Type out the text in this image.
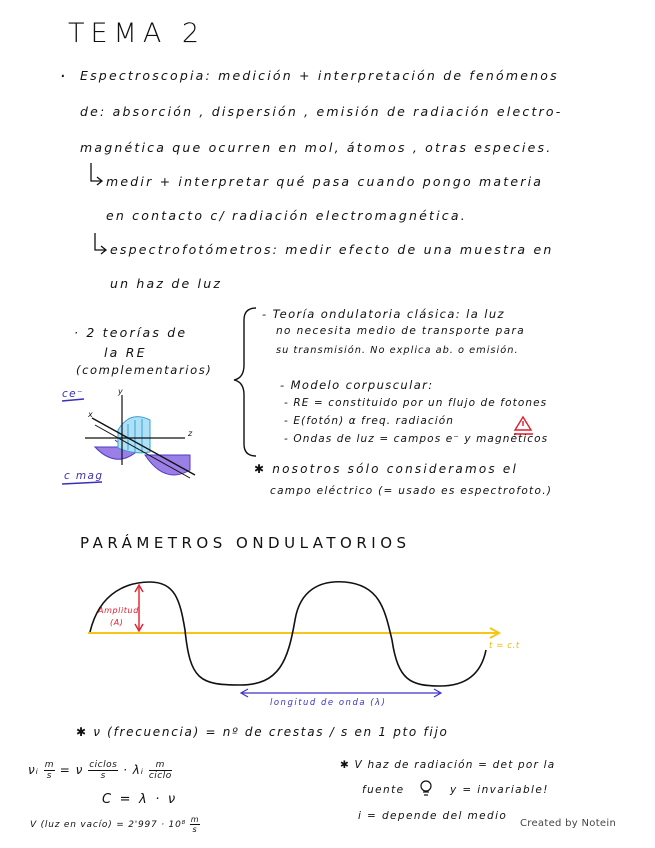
TEMA 2
· Espectroscopia: medición + interpretación de fenómenos
de: absorción , dispersión , emisión de radiación electro-
magnética que ocurren en mol, átomos , otras especies.
medir + interpretar qué pasa cuando pongo materia
en contacto c/ radiación electromagnética.
espectrofotómetros: medir efecto de una muestra en
un haz de luz
· 2 teorías de
la RE
(complementarios)
- Teoría ondulatoria clásica: la luz
no necesita medio de transporte para
su transmisión. No explica ab. o emisión.
- Modelo corpuscular:
- RE = constituido por un flujo de fotones
- E(fotón) α freq. radiación
- Ondas de luz = campos e⁻ y magnéticos
✱ nosotros sólo consideramos el
campo eléctrico (= usado es espectrofoto.)
ce⁻
c mag
y
z
x
PARÁMETROS ONDULATORIOS
Amplitud
(A)
t = c.t
longitud de onda (λ)
✱ ν (frecuencia) = nº de crestas / s en 1 pto fijo
νᵢ $\frac{m}{s} = \nu \frac{\text{ciclos}}{s}$ · λᵢ $\frac{m}{\text{ciclo}}$
C = λ · ν
V (luz en vacío) = $2'997 \cdot 10^8 \frac{m}{s}$
✱ V haz de radiación = det por la
fuente	y = invariable!
i = depende del medio
Created by Notein
